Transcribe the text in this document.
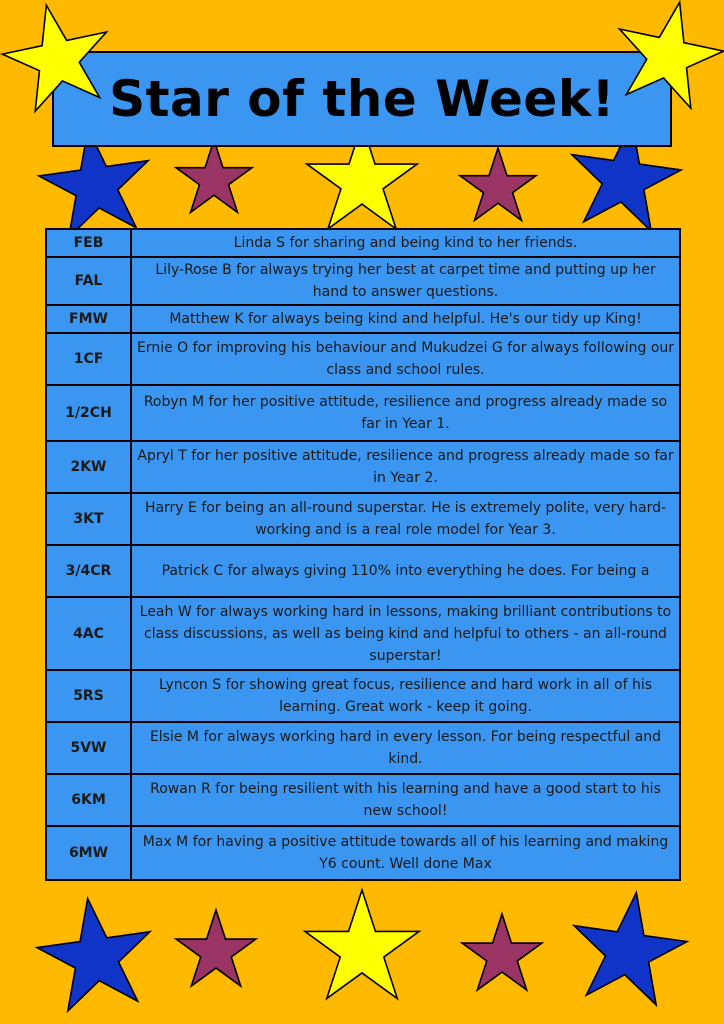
Star of the Week!
FEB	Linda S for sharing and being kind to her friends.
FAL	Lily-Rose B for always trying her best at carpet time and putting up her hand to answer questions.
FMW	Matthew K for always being kind and helpful. He's our tidy up King!
1CF	Ernie O for improving his behaviour and Mukudzei G for always following our class and school rules.
1/2CH	Robyn M for her positive attitude, resilience and progress already made so far in Year 1.
2KW	Apryl T for her positive attitude, resilience and progress already made so far in Year 2.
3KT	Harry E for being an all-round superstar. He is extremely polite, very hard-working and is a real role model for Year 3.
3/4CR	Patrick C for always giving 110% into everything he does. For being a
4AC	Leah W for always working hard in lessons, making brilliant contributions to class discussions, as well as being kind and helpful to others - an all-round superstar!
5RS	Lyncon S for showing great focus, resilience and hard work in all of his learning. Great work - keep it going.
5VW	Elsie M for always working hard in every lesson. For being respectful and kind.
6KM	Rowan R for being resilient with his learning and have a good start to his new school!
6MW	Max M for having a positive attitude towards all of his learning and making Y6 count. Well done Max
